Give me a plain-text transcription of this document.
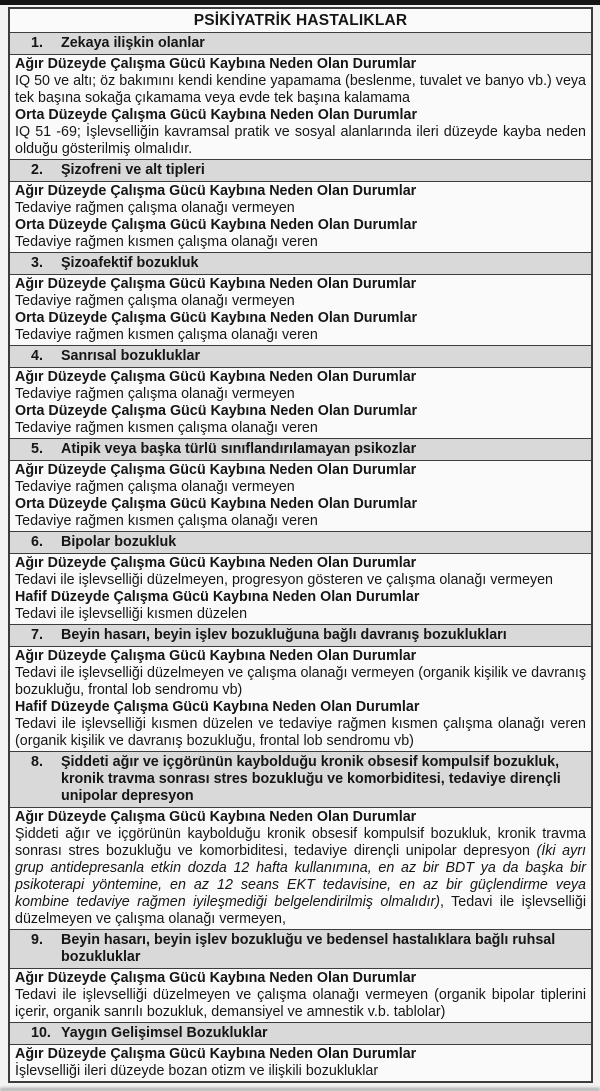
PSİKİYATRİK HASTALIKLAR
1.	Zekaya ilişkin olanlar
Ağır Düzeyde Çalışma Gücü Kaybına Neden Olan Durumlar
IQ 50 ve altı; öz bakımını kendi kendine yapamama (beslenme, tuvalet ve banyo vb.) veya tek başına sokağa çıkamama veya evde tek başına kalamama
Orta Düzeyde Çalışma Gücü Kaybına Neden Olan Durumlar
IQ 51 -69; İşlevselliğin kavramsal pratik ve sosyal alanlarında ileri düzeyde kayba neden olduğu gösterilmiş olmalıdır.
2.	Şizofreni ve alt tipleri
Ağır Düzeyde Çalışma Gücü Kaybına Neden Olan Durumlar
Tedaviye rağmen çalışma olanağı vermeyen
Orta Düzeyde Çalışma Gücü Kaybına Neden Olan Durumlar
Tedaviye rağmen kısmen çalışma olanağı veren
3.	Şizoafektif bozukluk
Ağır Düzeyde Çalışma Gücü Kaybına Neden Olan Durumlar
Tedaviye rağmen çalışma olanağı vermeyen
Orta Düzeyde Çalışma Gücü Kaybına Neden Olan Durumlar
Tedaviye rağmen kısmen çalışma olanağı veren
4.	Sanrısal bozukluklar
Ağır Düzeyde Çalışma Gücü Kaybına Neden Olan Durumlar
Tedaviye rağmen çalışma olanağı vermeyen
Orta Düzeyde Çalışma Gücü Kaybına Neden Olan Durumlar
Tedaviye rağmen kısmen çalışma olanağı veren
5.	Atipik veya başka türlü sınıflandırılamayan psikozlar
Ağır Düzeyde Çalışma Gücü Kaybına Neden Olan Durumlar
Tedaviye rağmen çalışma olanağı vermeyen
Orta Düzeyde Çalışma Gücü Kaybına Neden Olan Durumlar
Tedaviye rağmen kısmen çalışma olanağı veren
6.	Bipolar bozukluk
Ağır Düzeyde Çalışma Gücü Kaybına Neden Olan Durumlar
Tedavi ile işlevselliği düzelmeyen, progresyon gösteren ve çalışma olanağı vermeyen
Hafif Düzeyde Çalışma Gücü Kaybına Neden Olan Durumlar
Tedavi ile işlevselliği kısmen düzelen
7.	Beyin hasarı, beyin işlev bozukluğuna bağlı davranış bozuklukları
Ağır Düzeyde Çalışma Gücü Kaybına Neden Olan Durumlar
Tedavi ile işlevselliği düzelmeyen ve çalışma olanağı vermeyen (organik kişilik ve davranış bozukluğu, frontal lob sendromu vb)
Hafif Düzeyde Çalışma Gücü Kaybına Neden Olan Durumlar
Tedavi ile işlevselliği kısmen düzelen ve tedaviye rağmen kısmen çalışma olanağı veren (organik kişilik ve davranış bozukluğu, frontal lob sendromu vb)
8.	Şiddeti ağır ve içgörünün kaybolduğu kronik obsesif kompulsif bozukluk, kronik travma sonrası stres bozukluğu ve komorbiditesi, tedaviye dirençli unipolar depresyon
Ağır Düzeyde Çalışma Gücü Kaybına Neden Olan Durumlar
Şiddeti ağır ve içgörünün kaybolduğu kronik obsesif kompulsif bozukluk, kronik travma sonrası stres bozukluğu ve komorbiditesi, tedaviye dirençli unipolar depresyon (İki ayrı grup antidepresanla etkin dozda 12 hafta kullanımına, en az bir BDT ya da başka bir psikoterapi yöntemine, en az 12 seans EKT tedavisine, en az bir güçlendirme veya kombine tedaviye rağmen iyileşmediği belgelendirilmiş olmalıdır), Tedavi ile işlevselliği düzelmeyen ve çalışma olanağı vermeyen,
9.	Beyin hasarı, beyin işlev bozukluğu ve bedensel hastalıklara bağlı ruhsal bozukluklar
Ağır Düzeyde Çalışma Gücü Kaybına Neden Olan Durumlar
Tedavi ile işlevselliği düzelmeyen ve çalışma olanağı vermeyen (organik bipolar tiplerini içerir, organik sanrılı bozukluk, demansiyel ve amnestik v.b. tablolar)
10. Yaygın Gelişimsel Bozukluklar
Ağır Düzeyde Çalışma Gücü Kaybına Neden Olan Durumlar
İşlevselliği ileri düzeyde bozan otizm ve ilişkili bozukluklar
